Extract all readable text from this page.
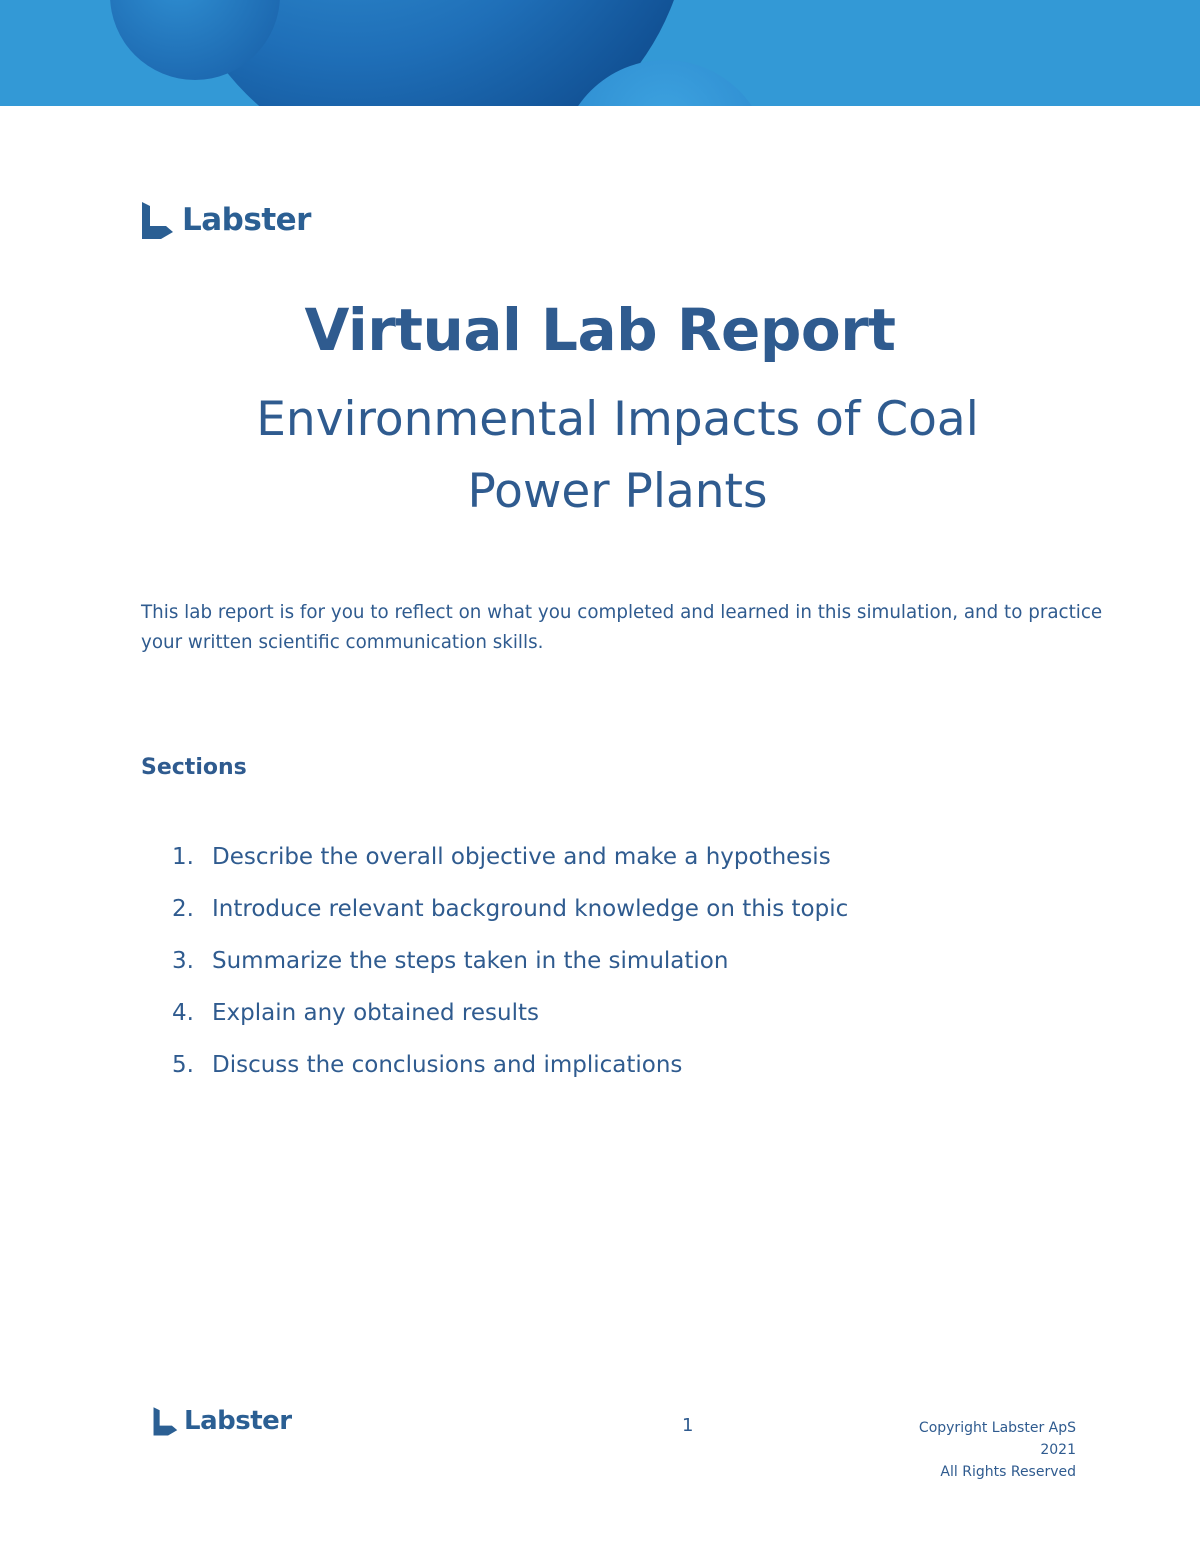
Labster
Virtual Lab Report
Environmental Impacts of Coal Power Plants

This lab report is for you to reflect on what you completed and learned in this simulation, and to practice your written scientific communication skills.

Sections
1. Describe the overall objective and make a hypothesis
2. Introduce relevant background knowledge on this topic
3. Summarize the steps taken in the simulation
4. Explain any obtained results
5. Discuss the conclusions and implications
Labster	1	Copyright Labster ApS
2021
All Rights Reserved
